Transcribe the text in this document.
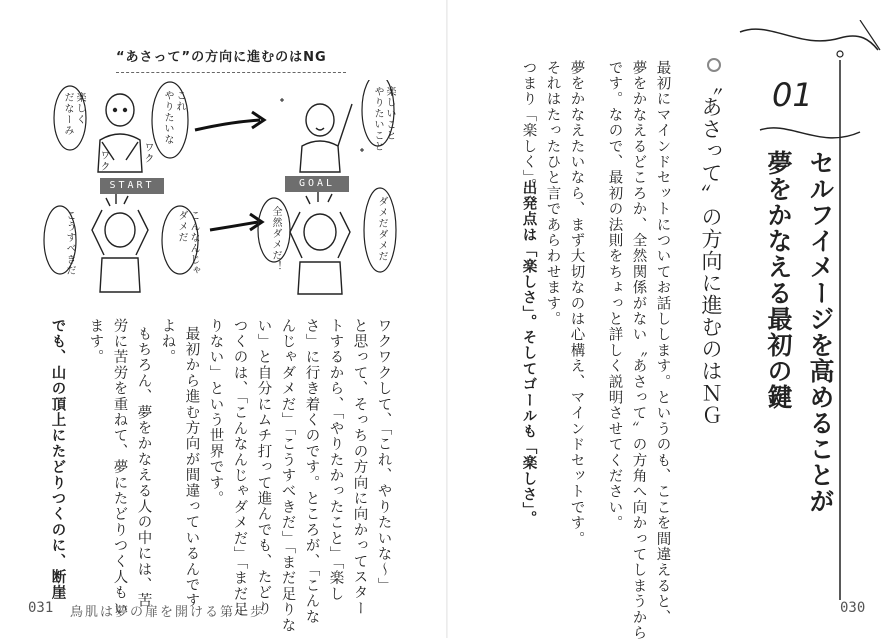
01
セルフイメージを高めることが
夢をかなえる最初の鍵
〝あさって〟の方向に進むのはＮＧ
最初にマインドセットについてお話しします。というのも、ここを間違えると、
夢をかなえるどころか、全然関係がない〝あさって〟の方角へ向かってしまうから
です。なので、最初の法則をちょっと詳しく説明させてください。
夢をかなえたいなら、まず大切なのは心構え、マインドセットです。
それはたったひと言であらわせます。
つまり「楽しく」。
出発点は「楽しさ」。そしてゴールも「楽しさ」。
030
“あさって”の方向に進むのはNG
これ
やりたいな
楽しく
だなーみ	楽しいこと
やりたいこと
ワク
ワク
こんなんじゃ
ダメだ
こうすべきだ	全然ダメだ！	ダメだダメだ
START	GOAL
ワクワクして、「これ、やりたいな〜」
と思って、そっちの方向に向かってスター
トするから、「やりたかったこと」「楽し
さ」に行き着くのです。ところが、「こんな
んじゃダメだ」「こうすべきだ」「まだ足りな
い」と自分にムチ打って進んでも、たどり
つくのは、「こんなんじゃダメだ」「まだ足
りない」という世界です。
最初から進む方向が間違っているんです
よね。
もちろん、夢をかなえる人の中には、苦
労に苦労を重ねて、夢にたどりつく人もい
ます。
でも、山の頂上にたどりつくのに、断崖
031 鳥肌は夢の扉を開ける第一歩
